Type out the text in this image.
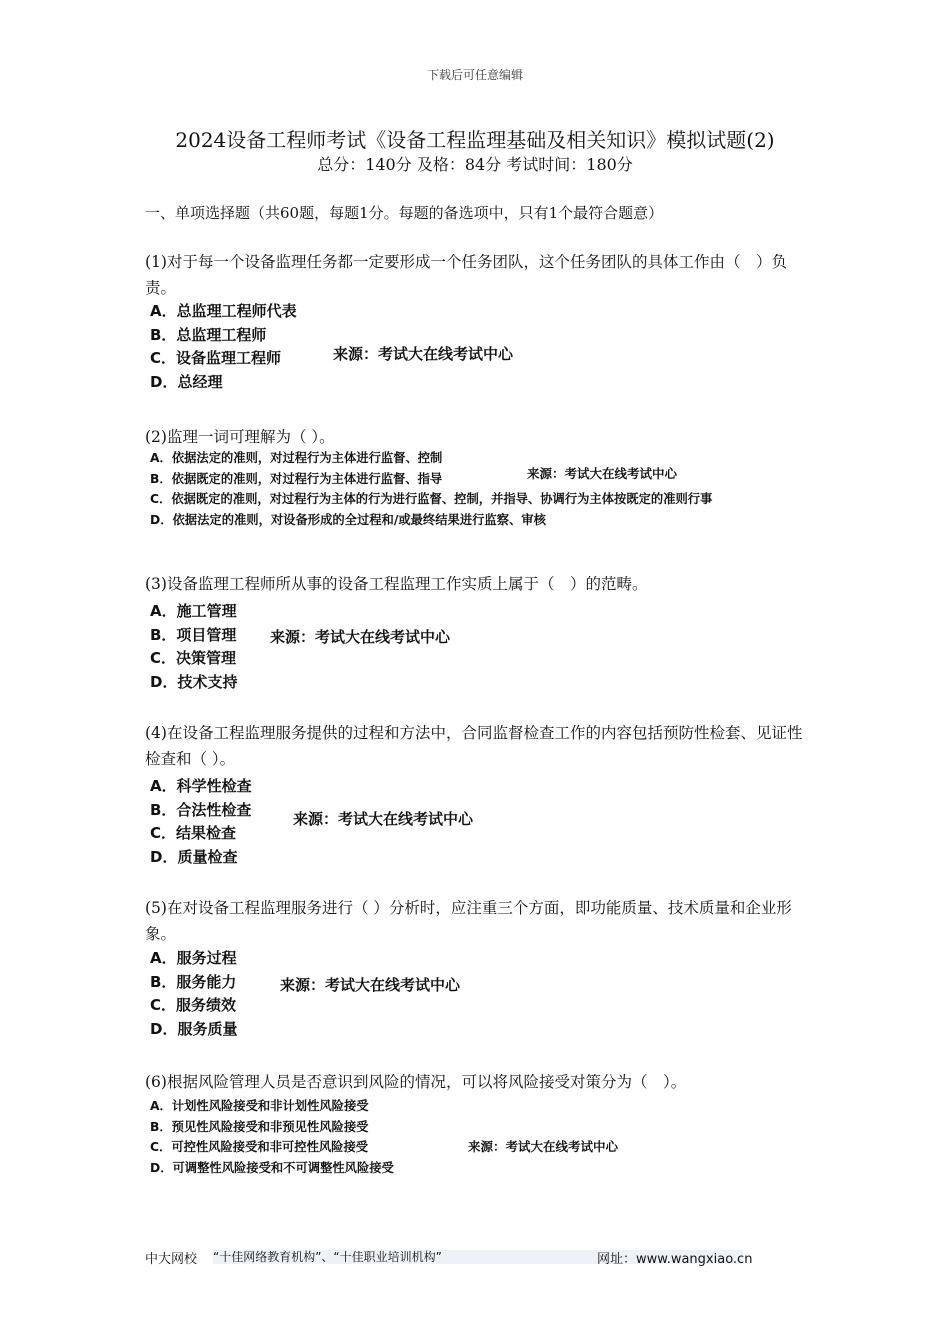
下载后可任意编辑
2024设备工程师考试《设备工程监理基础及相关知识》模拟试题(2)
总分：140分 及格：84分 考试时间：180分
一、单项选择题（共60题，每题1分。每题的备选项中，只有1个最符合题意）
(1)对于每一个设备监理任务都一定要形成一个任务团队，这个任务团队的具体工作由（　）负责。
A．总监理工程师代表
B．总监理工程师
C．设备监理工程师
D．总经理
来源：考试大在线考试中心
(2)监理一词可理解为（ ）。
A．依据法定的准则，对过程行为主体进行监督、控制
B．依据既定的准则，对过程行为主体进行监督、指导
C．依据既定的准则，对过程行为主体的行为进行监督、控制，并指导、协调行为主体按既定的准则行事
D．依据法定的准则，对设备形成的全过程和/或最终结果进行监察、审核
来源：考试大在线考试中心
(3)设备监理工程师所从事的设备工程监理工作实质上属于（　）的范畴。
A．施工管理
B．项目管理
C．决策管理
D．技术支持
来源：考试大在线考试中心
(4)在设备工程监理服务提供的过程和方法中，合同监督检查工作的内容包括预防性检套、见证性检查和（ ）。
A．科学性检查
B．合法性检查
C．结果检查
D．质量检查
来源：考试大在线考试中心
(5)在对设备工程监理服务进行（ ）分析时，应注重三个方面，即功能质量、技术质量和企业形象。
A．服务过程
B．服务能力
C．服务绩效
D．服务质量
来源：考试大在线考试中心
(6)根据风险管理人员是否意识到风险的情况，可以将风险接受对策分为（　）。
A．计划性风险接受和非计划性风险接受
B．预见性风险接受和非预见性风险接受
C．可控性风险接受和非可控性风险接受
D．可调整性风险接受和不可调整性风险接受
来源：考试大在线考试中心
中大网校 “十佳网络教育机构”、“十佳职业培训机构”	网址：www.wangxiao.cn
